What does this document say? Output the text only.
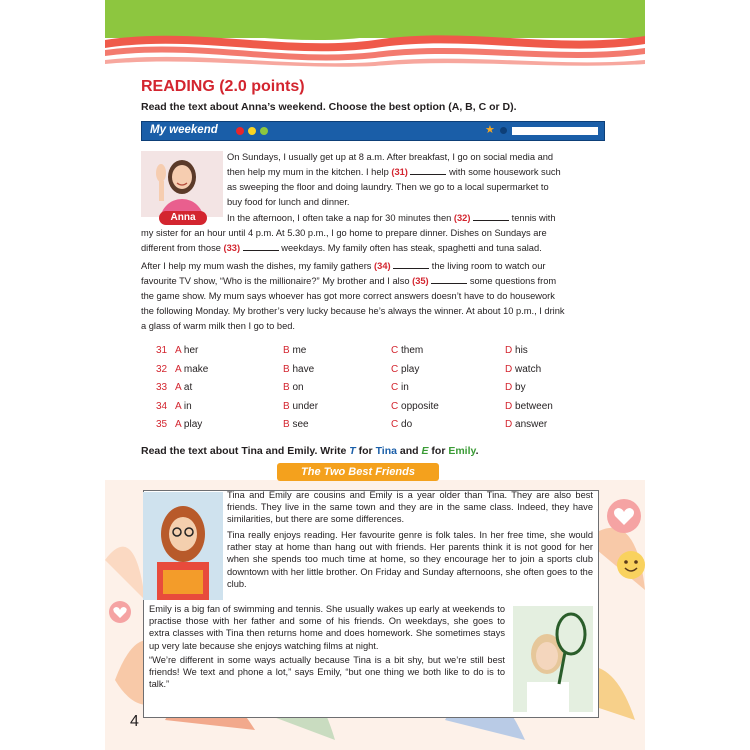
READING (2.0 points)
Read the text about Anna’s weekend. Choose the best option (A, B, C or D).
My weekend	★
Anna

On Sundays, I usually get up at 8 a.m. After breakfast, I go on social media and
then help my mum in the kitchen. I help (31)	with some housework such
as sweeping the floor and doing laundry. Then we go to a local supermarket to
buy food for lunch and dinner.

In the afternoon, I often take a nap for 30 minutes then (32)	tennis with

my sister for an hour until 4 p.m. At 5.30 p.m., I go home to prepare dinner. Dishes on Sundays are
different from those (33)	weekdays. My family often has steak, spaghetti and tuna salad.

After I help my mum wash the dishes, my family gathers (34)	the living room to watch our
favourite TV show, “Who is the millionaire?” My brother and I also (35)	some questions from
the game show. My mum says whoever has got more correct answers doesn’t have to do housework
the following Monday. My brother’s very lucky because he’s always the winner. At about 10 p.m., I drink
a glass of warm milk then I go to bed.

31 A her	B me	C them	D his
32 A make	B have	C play	D watch
33 A at	B on	C in	D by
34 A in	B under	C opposite	D between
35 A play	B see	C do	D answer
Read the text about Tina and Emily. Write T for Tina and E for Emily.
The Two Best Friends

Tina and Emily are cousins and Emily is a year older than Tina. They are also best friends. They live in the same town and they are in the same class. Indeed, they have similarities, but there are some differences.

Tina really enjoys reading. Her favourite genre is folk tales. In her free time, she would rather stay at home than hang out with friends. Her parents think it is not good for her when she spends too much time at home, so they encourage her to join a sports club downtown with her little brother. On Friday and Sunday afternoons, she often goes to the club.

Emily is a big fan of swimming and tennis. She usually wakes up early at weekends to practise those with her father and some of his friends. On weekdays, she goes to extra classes with Tina then returns home and does homework. She sometimes stays up very late because she enjoys watching films at night.

“We’re different in some ways actually because Tina is a bit shy, but we’re still best friends! We text and phone a lot,” says Emily, “but one thing we both like to do is to talk.”

4
